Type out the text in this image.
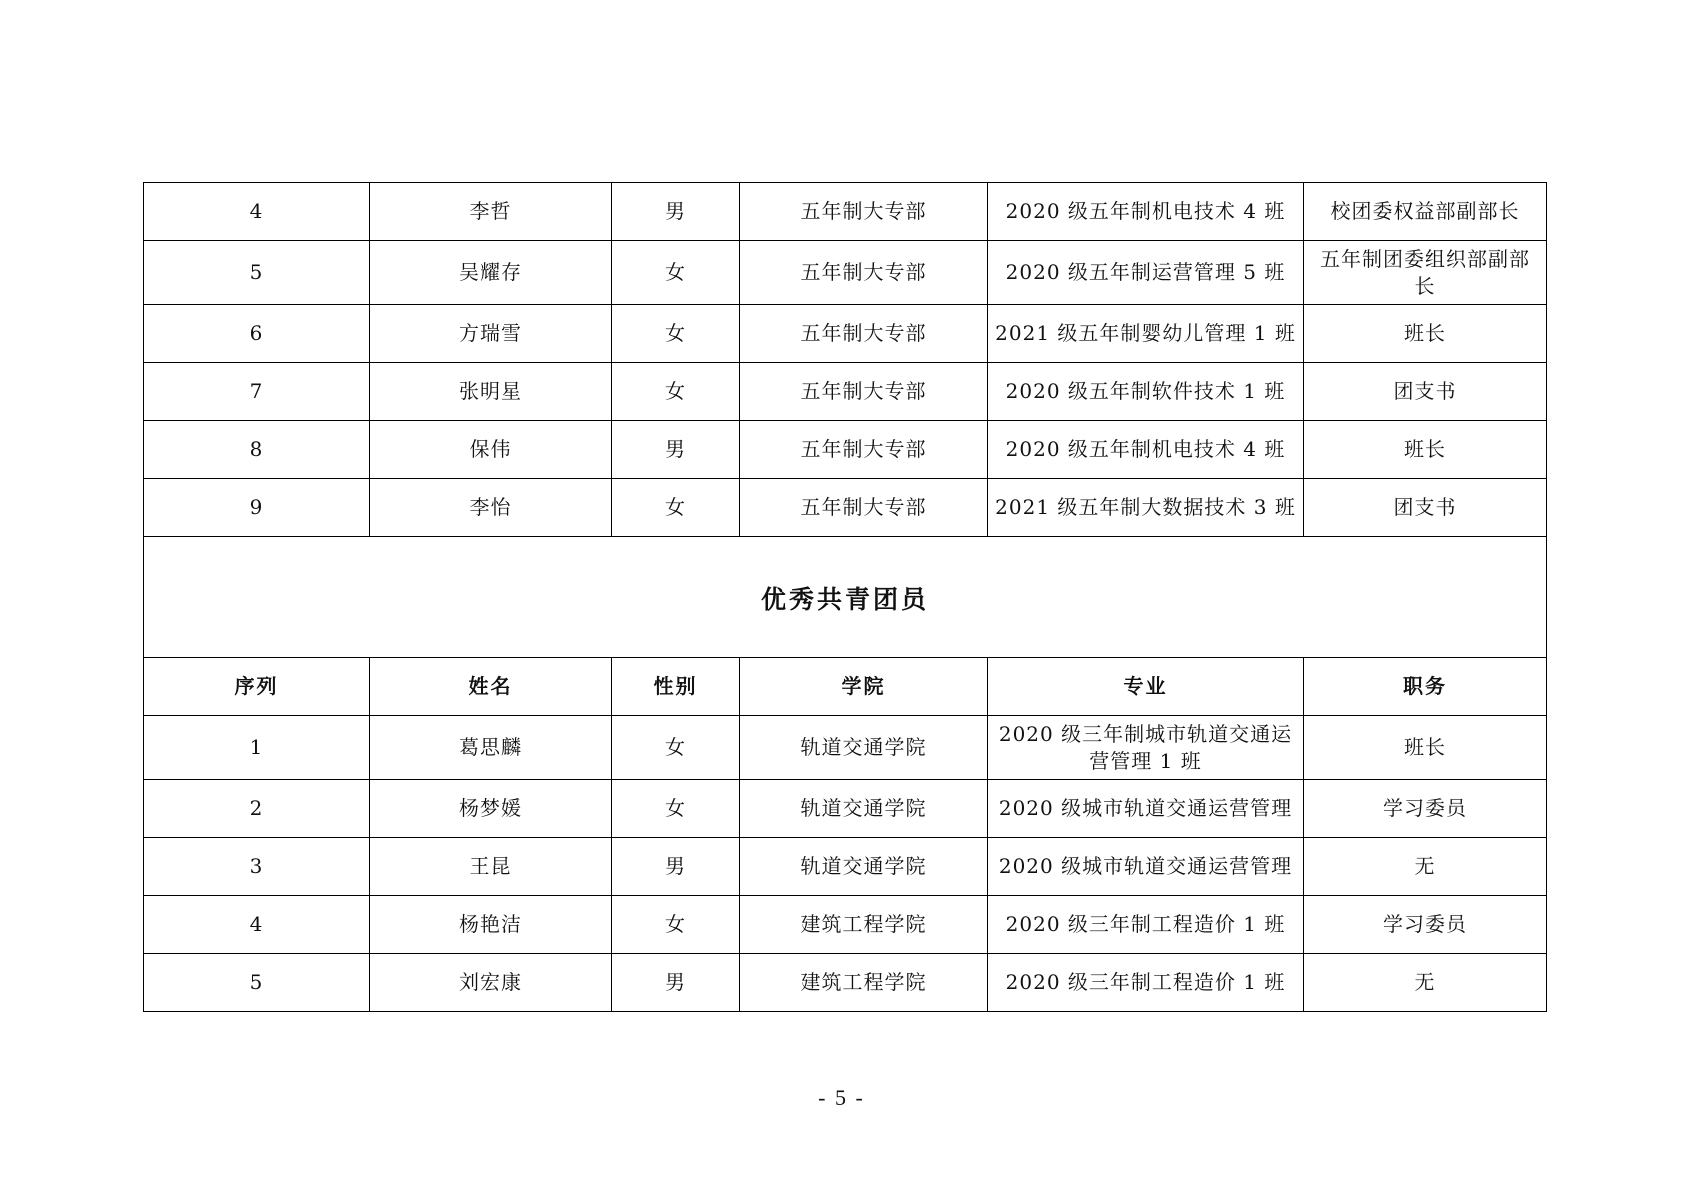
4	李哲	男	五年制大专部	2020 级五年制机电技术 4 班	校团委权益部副部长
5	吴耀存	女	五年制大专部	2020 级五年制运营管理 5 班	五年制团委组织部副部长
6	方瑞雪	女	五年制大专部	2021 级五年制婴幼儿管理 1 班	班长
7	张明星	女	五年制大专部	2020 级五年制软件技术 1 班	团支书
8	保伟	男	五年制大专部	2020 级五年制机电技术 4 班	班长
9	李怡	女	五年制大专部	2021 级五年制大数据技术 3 班	团支书
优秀共青团员					
序列	姓名	性别	学院	专业	职务
1	葛思麟	女	轨道交通学院	2020 级三年制城市轨道交通运营管理 1 班	班长
2	杨梦媛	女	轨道交通学院	2020 级城市轨道交通运营管理	学习委员
3	王昆	男	轨道交通学院	2020 级城市轨道交通运营管理	无
4	杨艳洁	女	建筑工程学院	2020 级三年制工程造价 1 班	学习委员
5	刘宏康	男	建筑工程学院	2020 级三年制工程造价 1 班	无
- 5 -
